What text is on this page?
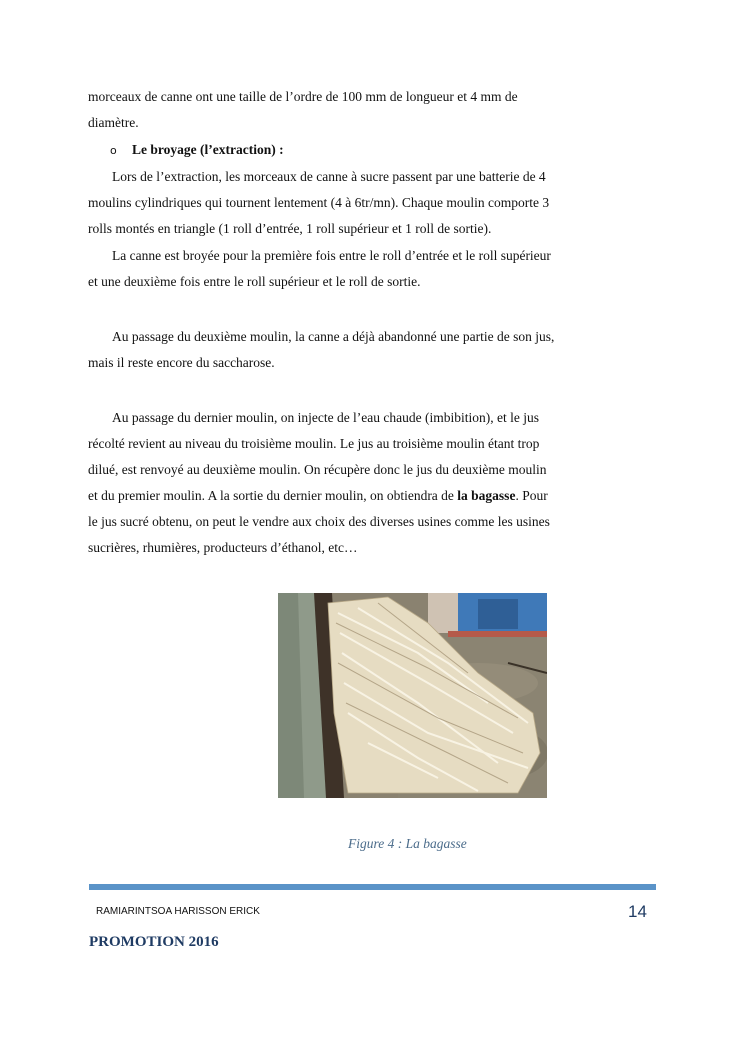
morceaux de canne ont une taille de l’ordre de 100 mm de longueur et 4 mm de
diamètre.
o Le broyage (l’extraction) :
Lors de l’extraction, les morceaux de canne à sucre passent par une batterie de 4
moulins cylindriques qui tournent lentement (4 à 6tr/mn). Chaque moulin comporte 3
rolls montés en triangle (1 roll d’entrée, 1 roll supérieur et 1 roll de sortie).
La canne est broyée pour la première fois entre le roll d’entrée et le roll supérieur
et une deuxième fois entre le roll supérieur et le roll de sortie.
Au passage du deuxième moulin, la canne a déjà abandonné une partie de son jus,
mais il reste encore du saccharose.
Au passage du dernier moulin, on injecte de l’eau chaude (imbibition), et le jus
récolté revient au niveau du troisième moulin. Le jus au troisième moulin étant trop
dilué, est renvoyé au deuxième moulin. On récupère donc le jus du deuxième moulin
et du premier moulin. A la sortie du dernier moulin, on obtiendra de la bagasse. Pour
le jus sucré obtenu, on peut le vendre aux choix des diverses usines comme les usines
sucrières, rhumières, producteurs d’éthanol, etc…
Figure 4 : La bagasse
RAMIARINTSOA HARISSON ERICK	14
PROMOTION 2016
